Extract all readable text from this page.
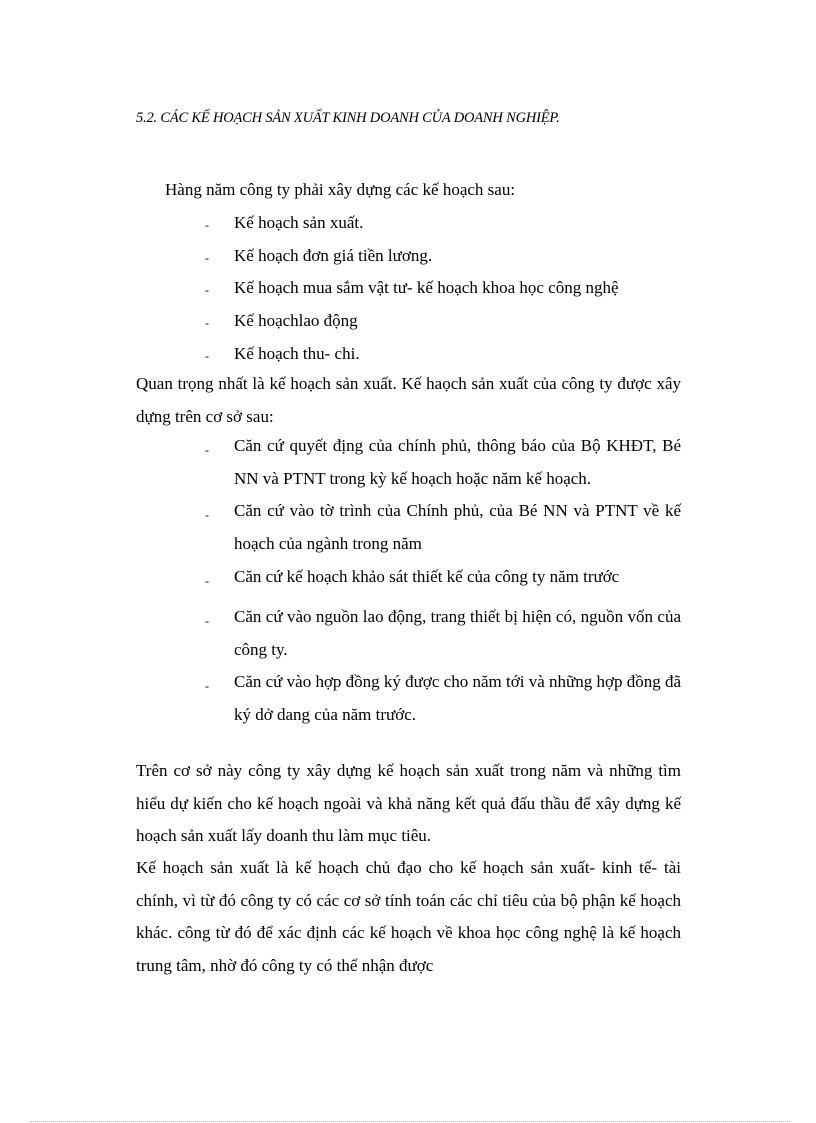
5.2. CÁC KẾ HOẠCH SẢN XUẤT KINH DOANH CỦA DOANH NGHIỆP.
Hàng năm công ty phải xây dựng các kế hoạch sau:
-	Kế hoạch sản xuất.
-	Kế hoạch đơn giá tiền lương.
-	Kế hoạch mua sắm vật tư- kế hoạch khoa học công nghệ
-	Kế hoạchlao động
-	Kế hoạch thu- chi.

Quan trọng nhất là kế hoạch sản xuất. Kế haọch sản xuất của công ty được xây dựng trên cơ sở sau:

-	Căn cứ quyết địng của chính phủ, thông báo của Bộ KHĐT, Bé NN và PTNT trong kỳ kế hoạch hoặc năm kế hoạch.
-	Căn cứ vào tờ trình của Chính phủ, của Bé NN và PTNT về kế hoạch của ngành trong năm
-	Căn cứ kế hoạch khảo sát thiết kế của công ty năm trước
-	Căn cứ vào nguồn lao động, trang thiết bị hiện có, nguồn vốn của công ty.
-	Căn cứ vào hợp đồng ký được cho năm tới và những hợp đồng đã ký dở dang của năm trước.

Trên cơ sở này công ty xây dựng kế hoạch sản xuất trong năm và những tìm hiểu dự kiến cho kế hoạch ngoài và khả năng kết quả đấu thầu để xây dựng kế hoạch sản xuất lấy doanh thu làm mục tiêu.

Kế hoạch sản xuất là kế hoạch chủ đạo cho kế hoạch sản xuất- kinh tế- tài chính, vì từ đó công ty có các cơ sở tính toán các chỉ tiêu của bộ phận kế hoạch khác. công từ đó để xác định các kế hoạch về khoa học công nghệ là kế hoạch trung tâm, nhờ đó công ty có thể nhận được
